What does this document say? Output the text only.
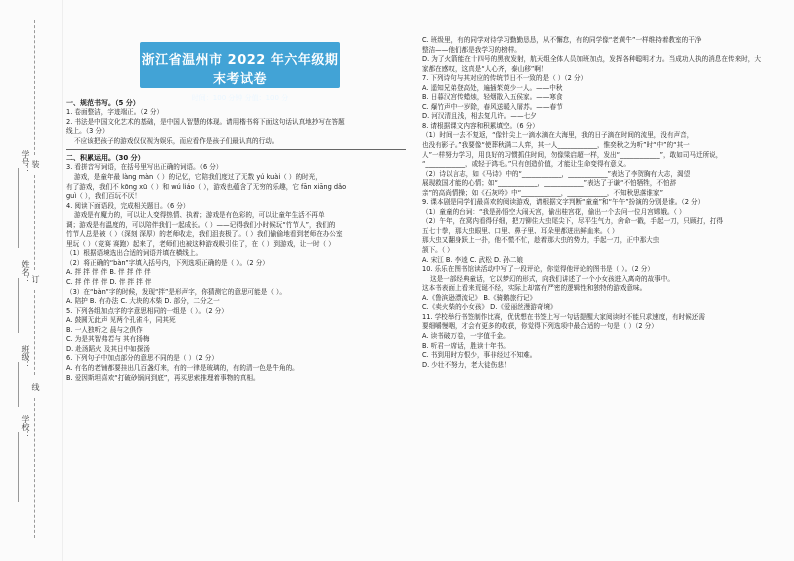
学号：
姓名：
班级：
学校：
装
订
线
浙江省温州市 2022 年六年级期末考试卷
时间：100 分钟 分值：100 分

一、规范书写。（5 分）

1. 卷面整洁，字迹端正。（2 分）

2. 书法是中国文化艺术的基础，是中国人智慧的体现。请用楷书将下面这句话认真地抄写在答题

线上。（3 分）

不应该把孩子的游戏仅仅视为娱乐，而应看作是孩子们最认真的行动。

二、积累运用。（30 分）

3. 看拼音写词语，在括号里写出正确的词语。（6 分）

游戏，是童年最 làng màn（ ）的记忆，它陪我们度过了无数 yú kuài（ ）的时光，

有了游戏，我们不 kōng xū（ ）和 wú liáo（ ），游戏也蕴含了无穷的乐趣，它 fān xiāng dǎo

guì（ ），我们百玩不厌！

4. 阅读下面语段，完成相关题目。（6 分）

游戏是有魔力的，可以让人变得热情、执着；游戏是有色彩的，可以让童年生活不再单

调；游戏是有温度的，可以陪伴我们一起成长。（ ）——记得我们小时候玩“竹节人”，我们的

竹节人总是被（ ）（深刻 深厚）的老师收走，我们沮丧极了。（ ）我们偷偷地看到老师在办公室

里玩（ ）（竞赛 赛跑）起来了，老师们也被这种游戏吸引住了，在（ ）到游戏，让一时（ ）

（1）根据语境选出合适的词语并填在横线上。

（2）将正确的“bàn”字填入括号内，下列选项正确的是（ ）。（2 分）

A. 拌 拌 伴 伴 B. 伴 拌 伴 伴

C. 拌 伴 伴 伴 D. 伴 拌 拌 伴

（3）在“bàn”字的时候，发现“拌”是形声字，你猜测它的意思可能是（ ）。

A. 陪护 B. 有办法 C. 大块的木柴 D. 部分，二分之一

5. 下列各组加点字的字意思相同的一组是（ ）。（2 分）

A. 鼓圆无此声 见两个孔雀斗，同其死

B. 一人独听之 晨与之俱作

C. 为是其智弗若与 其有扬梅

D. 赴汤蹈火 及其日中如探汤

6. 下列句子中加点部分的意思不同的是（ ）（2 分）

A. 有名的老铺都要挂出几百盏灯来，有的一律是玻璃的，有的清一色是牛角的。

B. 爱因斯坦喜欢“打破砂锅问到底”，再买思索推理着事物的真相。

C. 班级里，有的同学对待学习勤勤恳恳，从不懈怠，有的同学像“老黄牛”一样维持着教室的干净

整洁——他们都是我学习的榜样。

D. 为了火箭能在十四号的黑夜发射，航天组全体人员加班加点，发挥各种聪明才力。当成功人执的消息在传来时，大

家都在感叹，这真是“人心齐，泰山移”啊！

7. 下列诗句与其对应的传统节日不一致的是（ ）（2 分）

A. 遥知兄弟登高处，遍插茱萸少一人。——中秋

B. 日暮汉宫传蜡烛，轻烟散入五侯家。——寒食

C. 爆竹声中一岁除，春风送暖入屠苏。——春节

D. 河汉清且浅，相去复几许。——七夕

8. 请根据课文内容和积累填空。（6 分）

（1）时间一去不复返，“像针尖上一滴水滴在大海里，我的日子滴在时间的流里，没有声音，

也没有影子。”我要像“使葬秋满二人弈，其一人____________，惟奕秋之为听”时“中”的“其一

人”一样努力学习，用良好的习惯抓住时间，勿像梁启超一样，发出“____________”，敢如司马迁所说，

“____________，或轻于鸿毛。”只有创造价值，才能让生命变得有意义。

（2）诗以言志，如《马诗》中的“____________，____________”表达了李贺胸有大志，渴望

展现救国才能的心情；如“____________，____________”表达了于谦“不怕牺牲，不怕辞

亲”的高尚情操；如《石灰吟》中“____________，____________，不知秋思落谁家”

9. 课本剧是同学们最喜欢的阅读游戏，请根据文字判断“童童”和“午午”扮演的分别是谁。（2 分）

（1）童童的台词：“我是孙悟空大闹天宫，偷出桂宫花，偷出一个去问一位月宫嫦娥。（ ）

（2）午年，在窝内看得仔细，把刀铆住大虫尾尖下，尽平生气力，舍命一戳，手起一刀，只顾打，打得

五七十拳，那大虫眼里、口里、鼻子里、耳朵里都迸出鲜血来。（ ）

那大虫又翻身跃上一扑，他不慌不忙，趁着那大虫的势力，手起一刀，正中那大虫

颔下。（ ）

A. 宋江 B. 李逵 C. 武松 D. 孙二娘

10. 乐乐在图书馆读活动中写了一段评论，你觉得他评论的图书是（ ）。（2 分）

这是一部经典童话，它以梦幻的形式，向我们讲述了一个小女孩进入离奇的故事中。

这本书表面上看来荒诞不经，实际上却富有严密的逻辑性和独特的游戏意味。

A.《鲁滨逊漂流记》 B.《骑鹅旅行记》

C.《卖火柴的小女孩》 D.《爱丽丝漫游奇境》

11. 学校举行书签制作比赛，优优想在书签上写一句话提醒大家阅读时不能只求速度，有时候还需

要细嚼慢咽，才会有更多的收获，你觉得下列选项中最合适的一句是（ ）（2 分）

A. 读书破万卷，一字值千金。

B. 听君一席话，胜读十年书。

C. 书到用时方恨少，事非经过不知难。

D. 少壮不努力，老大徒伤悲！
